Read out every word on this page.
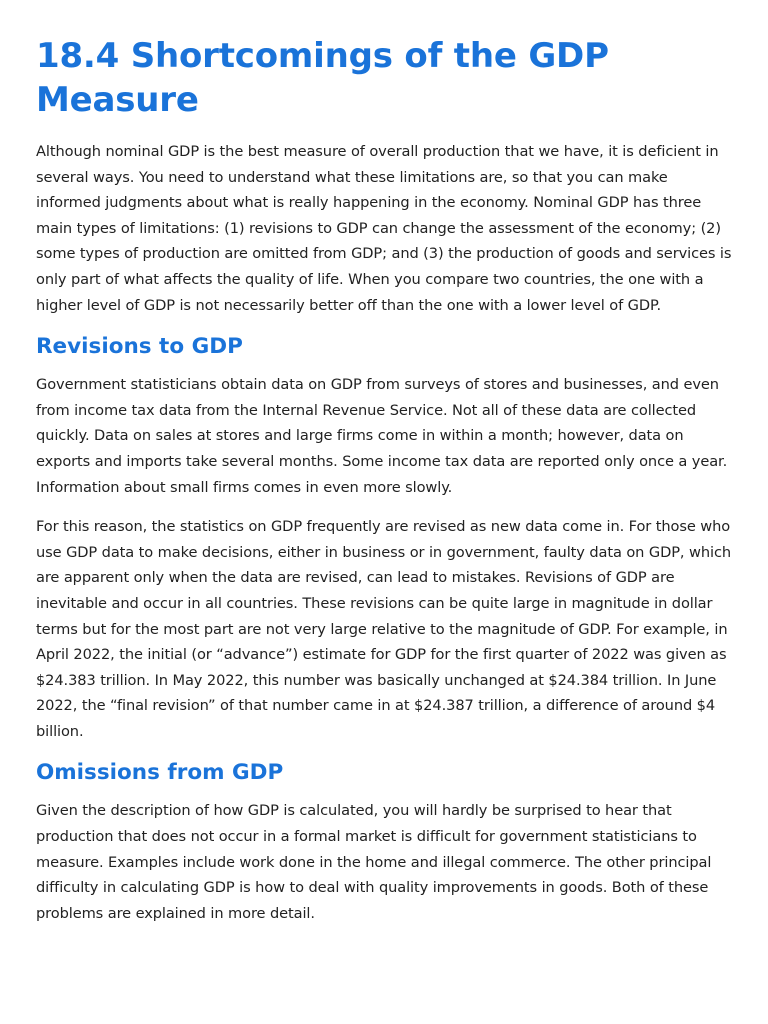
18.4 Shortcomings of the GDP Measure

Although nominal GDP is the best measure of overall production that we have, it is deficient in several ways. You need to understand what these limitations are, so that you can make informed judgments about what is really happening in the economy. Nominal GDP has three main types of limitations: (1) revisions to GDP can change the assessment of the economy; (2) some types of production are omitted from GDP; and (3) the production of goods and services is only part of what affects the quality of life. When you compare two countries, the one with a higher level of GDP is not necessarily better off than the one with a lower level of GDP.

Revisions to GDP

Government statisticians obtain data on GDP from surveys of stores and businesses, and even from income tax data from the Internal Revenue Service. Not all of these data are collected quickly. Data on sales at stores and large firms come in within a month; however, data on exports and imports take several months. Some income tax data are reported only once a year. Information about small firms comes in even more slowly.

For this reason, the statistics on GDP frequently are revised as new data come in. For those who use GDP data to make decisions, either in business or in government, faulty data on GDP, which are apparent only when the data are revised, can lead to mistakes. Revisions of GDP are inevitable and occur in all countries. These revisions can be quite large in magnitude in dollar terms but for the most part are not very large relative to the magnitude of GDP. For example, in April 2022, the initial (or “advance”) estimate for GDP for the first quarter of 2022 was given as $24.383 trillion. In May 2022, this number was basically unchanged at $24.384 trillion. In June 2022, the “final revision” of that number came in at $24.387 trillion, a difference of around $4 billion.

Omissions from GDP

Given the description of how GDP is calculated, you will hardly be surprised to hear that production that does not occur in a formal market is difficult for government statisticians to measure. Examples include work done in the home and illegal commerce. The other principal difficulty in calculating GDP is how to deal with quality improvements in goods. Both of these problems are explained in more detail.
